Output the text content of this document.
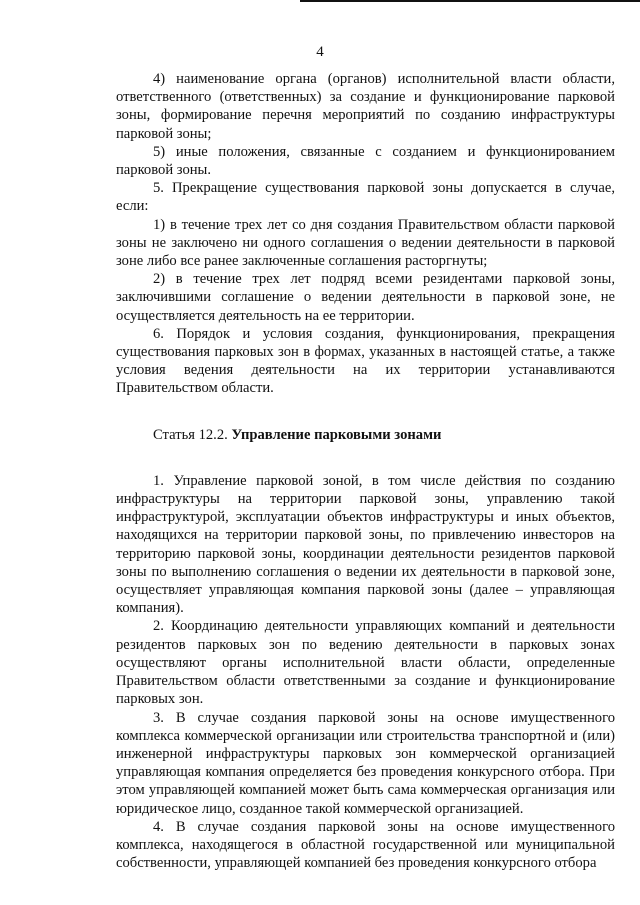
4

4) наименование органа (органов) исполнительной власти области, ответственного (ответственных) за создание и функционирование парковой зоны, формирование перечня мероприятий по созданию инфраструктуры парковой зоны;

5) иные положения, связанные с созданием и функционированием парковой зоны.

5. Прекращение существования парковой зоны допускается в случае, если:

1) в течение трех лет со дня создания Правительством области парковой зоны не заключено ни одного соглашения о ведении деятельности в парковой зоне либо все ранее заключенные соглашения расторгнуты;

2) в течение трех лет подряд всеми резидентами парковой зоны, заключившими соглашение о ведении деятельности в парковой зоне, не осуществляется деятельность на ее территории.

6. Порядок и условия создания, функционирования, прекращения существования парковых зон в формах, указанных в настоящей статье, а также условия ведения деятельности на их территории устанавливаются Правительством области.

Статья 12.2. Управление парковыми зонами

1. Управление парковой зоной, в том числе действия по созданию инфраструктуры на территории парковой зоны, управлению такой инфраструктурой, эксплуатации объектов инфраструктуры и иных объектов, находящихся на территории парковой зоны, по привлечению инвесторов на территорию парковой зоны, координации деятельности резидентов парковой зоны по выполнению соглашения о ведении их деятельности в парковой зоне, осуществляет управляющая компания парковой зоны (далее – управляющая компания).

2. Координацию деятельности управляющих компаний и деятельности резидентов парковых зон по ведению деятельности в парковых зонах осуществляют органы исполнительной власти области, определенные Правительством области ответственными за создание и функционирование парковых зон.

3. В случае создания парковой зоны на основе имущественного комплекса коммерческой организации или строительства транспортной и (или) инженерной инфраструктуры парковых зон коммерческой организацией управляющая компания определяется без проведения конкурсного отбора. При этом управляющей компанией может быть сама коммерческая организация или юридическое лицо, созданное такой коммерческой организацией.

4. В случае создания парковой зоны на основе имущественного комплекса, находящегося в областной государственной или муниципальной собственности, управляющей компанией без проведения конкурсного отбора
